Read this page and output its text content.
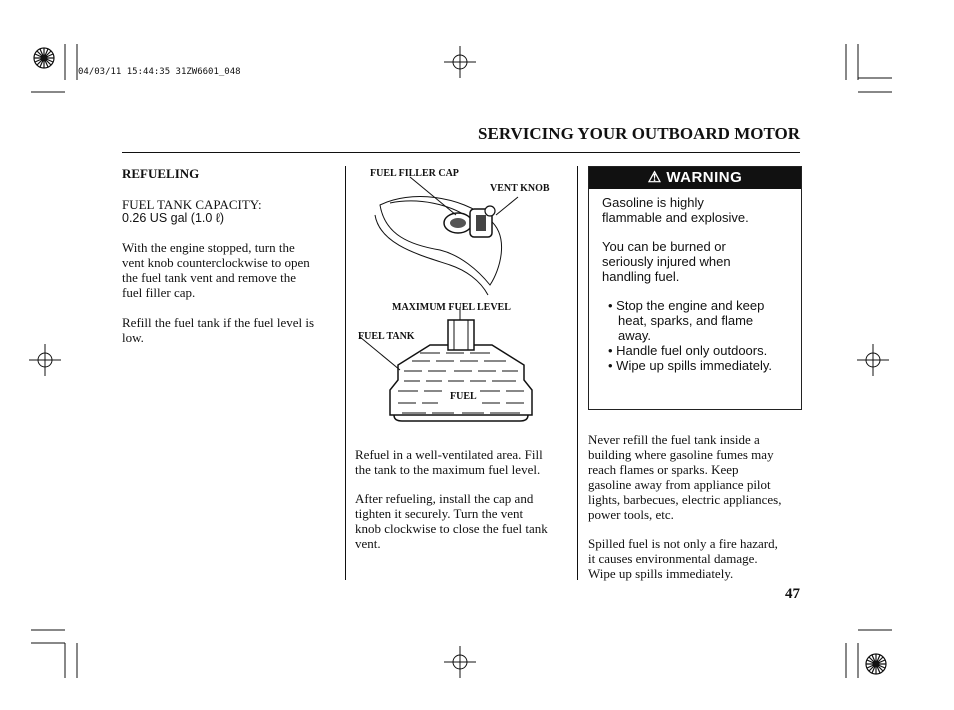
04/03/11 15:44:35 31ZW6601_048
SERVICING YOUR OUTBOARD MOTOR
REFUELING
FUEL TANK CAPACITY:
0.26 US gal (1.0 ℓ)
With the engine stopped, turn the
vent knob counterclockwise to open
the fuel tank vent and remove the
fuel filler cap.
Refill the fuel tank if the fuel level is
low.
FUEL FILLER CAP
VENT KNOB
MAXIMUM FUEL LEVEL
FUEL TANK
FUEL
Refuel in a well-ventilated area. Fill
the tank to the maximum fuel level.
After refueling, install the cap and
tighten it securely. Turn the vent
knob clockwise to close the fuel tank
vent.
⚠ WARNING
Gasoline is highly
flammable and explosive.
You can be burned or
seriously injured when
handling fuel.

• Stop the engine and keep heat, sparks, and flame away.

• Handle fuel only outdoors.

• Wipe up spills immediately.

Never refill the fuel tank inside a
building where gasoline fumes may
reach flames or sparks. Keep
gasoline away from appliance pilot
lights, barbecues, electric appliances,
power tools, etc.
Spilled fuel is not only a fire hazard,
it causes environmental damage.
Wipe up spills immediately.
47
